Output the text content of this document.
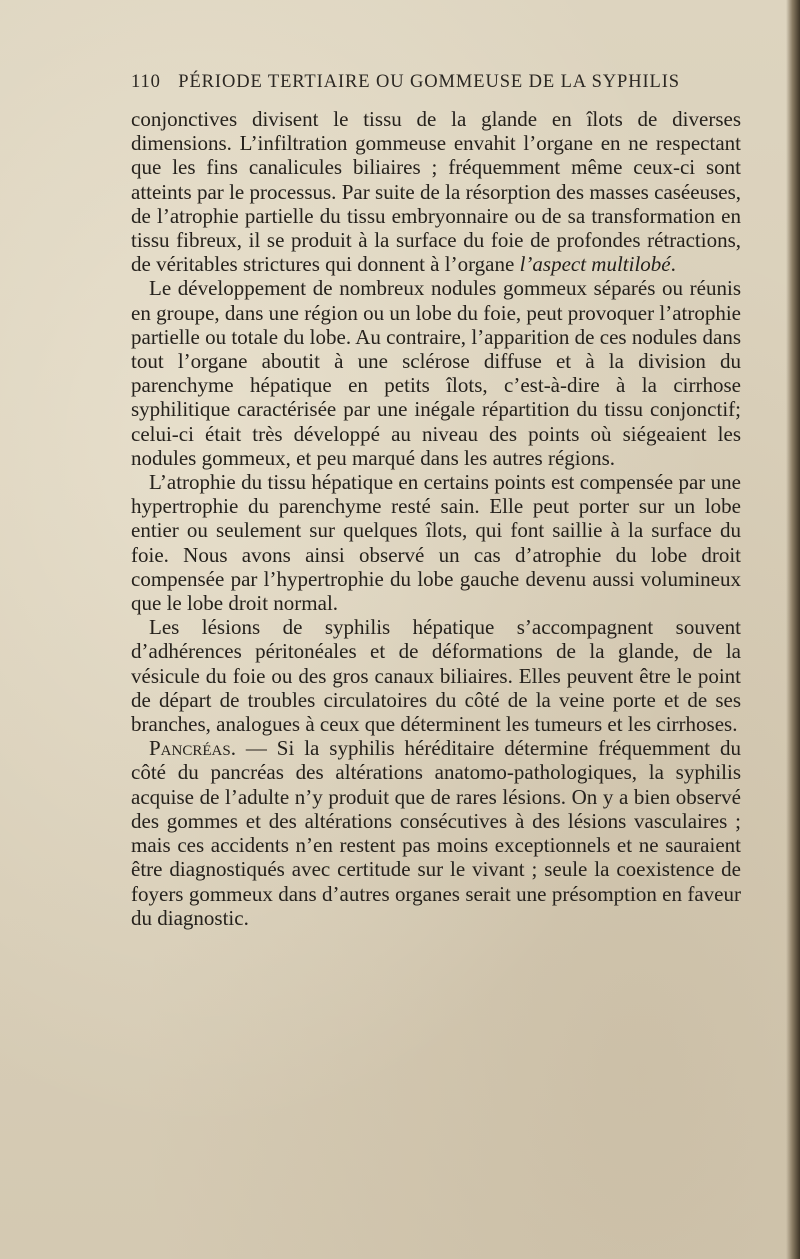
110 PÉRIODE TERTIAIRE OU GOMMEUSE DE LA SYPHILIS

conjonctives divisent le tissu de la glande en îlots de diverses dimensions. L’infiltration gommeuse envahit l’organe en ne respectant que les fins canalicules biliaires ; fréquemment même ceux-ci sont atteints par le processus. Par suite de la résorption des masses caséeuses, de l’atrophie partielle du tissu embryonnaire ou de sa transformation en tissu fibreux, il se produit à la surface du foie de profondes rétractions, de véritables strictures qui donnent à l’organe l’aspect multilobé.

Le développement de nombreux nodules gommeux séparés ou réunis en groupe, dans une région ou un lobe du foie, peut provoquer l’atrophie partielle ou totale du lobe. Au contraire, l’apparition de ces nodules dans tout l’organe aboutit à une sclérose diffuse et à la division du parenchyme hépatique en petits îlots, c’est-à-dire à la cirrhose syphilitique caractérisée par une inégale répartition du tissu conjonctif; celui-ci était très développé au niveau des points où siégeaient les nodules gommeux, et peu marqué dans les autres régions.

L’atrophie du tissu hépatique en certains points est compensée par une hypertrophie du parenchyme resté sain. Elle peut porter sur un lobe entier ou seulement sur quelques îlots, qui font saillie à la surface du foie. Nous avons ainsi observé un cas d’atrophie du lobe droit compensée par l’hypertrophie du lobe gauche devenu aussi volumineux que le lobe droit normal.

Les lésions de syphilis hépatique s’accompagnent souvent d’adhérences péritonéales et de déformations de la glande, de la vésicule du foie ou des gros canaux biliaires. Elles peuvent être le point de départ de troubles circulatoires du côté de la veine porte et de ses branches, analogues à ceux que déterminent les tumeurs et les cirrhoses.

Pancréas. — Si la syphilis héréditaire détermine fréquemment du côté du pancréas des altérations anatomo-pathologiques, la syphilis acquise de l’adulte n’y produit que de rares lésions. On y a bien observé des gommes et des altérations consécutives à des lésions vasculaires ; mais ces accidents n’en restent pas moins exceptionnels et ne sauraient être diagnostiqués avec certitude sur le vivant ; seule la coexistence de foyers gommeux dans d’autres organes serait une présomption en faveur du diagnostic.
